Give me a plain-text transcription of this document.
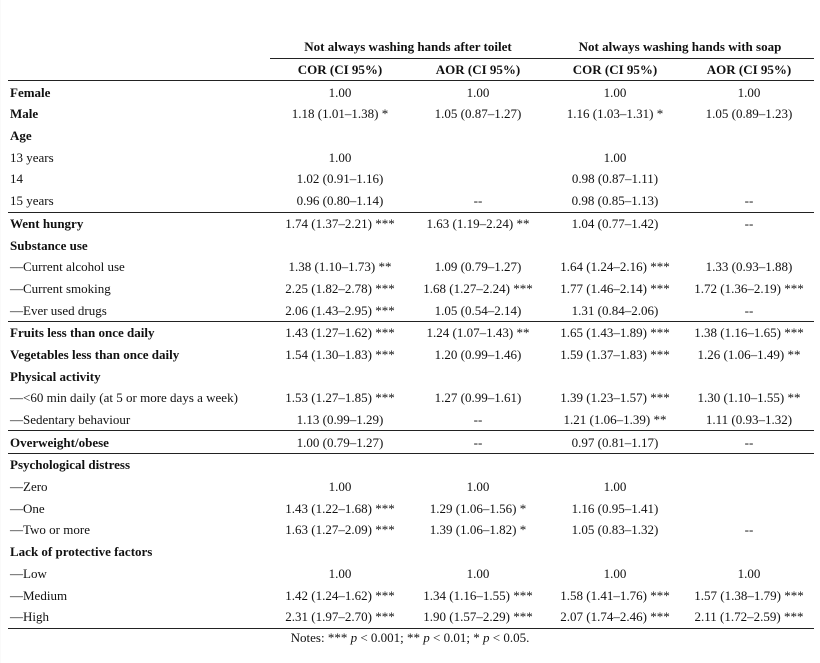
	Not always washing hands after toilet		Not always washing hands with soap	
	COR (CI 95%)	AOR (CI 95%)	COR (CI 95%)	AOR (CI 95%)
Female	1.00	1.00	1.00	1.00
Male	1.18 (1.01–1.38) *	1.05 (0.87–1.27)	1.16 (1.03–1.31) *	1.05 (0.89–1.23)
Age				
13 years	1.00		1.00	
14	1.02 (0.91–1.16)		0.98 (0.87–1.11)	
15 years	0.96 (0.80–1.14)	--	0.98 (0.85–1.13)	--
Went hungry	1.74 (1.37–2.21) ***	1.63 (1.19–2.24) **	1.04 (0.77–1.42)	--
Substance use				
—Current alcohol use	1.38 (1.10–1.73) **	1.09 (0.79–1.27)	1.64 (1.24–2.16) ***	1.33 (0.93–1.88)
—Current smoking	2.25 (1.82–2.78) ***	1.68 (1.27–2.24) ***	1.77 (1.46–2.14) ***	1.72 (1.36–2.19) ***
—Ever used drugs	2.06 (1.43–2.95) ***	1.05 (0.54–2.14)	1.31 (0.84–2.06)	--
Fruits less than once daily	1.43 (1.27–1.62) ***	1.24 (1.07–1.43) **	1.65 (1.43–1.89) ***	1.38 (1.16–1.65) ***
Vegetables less than once daily	1.54 (1.30–1.83) ***	1.20 (0.99–1.46)	1.59 (1.37–1.83) ***	1.26 (1.06–1.49) **
Physical activity				
—<60 min daily (at 5 or more days a week)	1.53 (1.27–1.85) ***	1.27 (0.99–1.61)	1.39 (1.23–1.57) ***	1.30 (1.10–1.55) **
—Sedentary behaviour	1.13 (0.99–1.29)	--	1.21 (1.06–1.39) **	1.11 (0.93–1.32)
Overweight/obese	1.00 (0.79–1.27)	--	0.97 (0.81–1.17)	--
Psychological distress				
—Zero	1.00	1.00	1.00	
—One	1.43 (1.22–1.68) ***	1.29 (1.06–1.56) *	1.16 (0.95–1.41)	
—Two or more	1.63 (1.27–2.09) ***	1.39 (1.06–1.82) *	1.05 (0.83–1.32)	--
Lack of protective factors				
—Low	1.00	1.00	1.00	1.00
—Medium	1.42 (1.24–1.62) ***	1.34 (1.16–1.55) ***	1.58 (1.41–1.76) ***	1.57 (1.38–1.79) ***
—High	2.31 (1.97–2.70) ***	1.90 (1.57–2.29) ***	2.07 (1.74–2.46) ***	2.11 (1.72–2.59) ***
Notes: *** p < 0.001; ** p < 0.01; * p < 0.05.
